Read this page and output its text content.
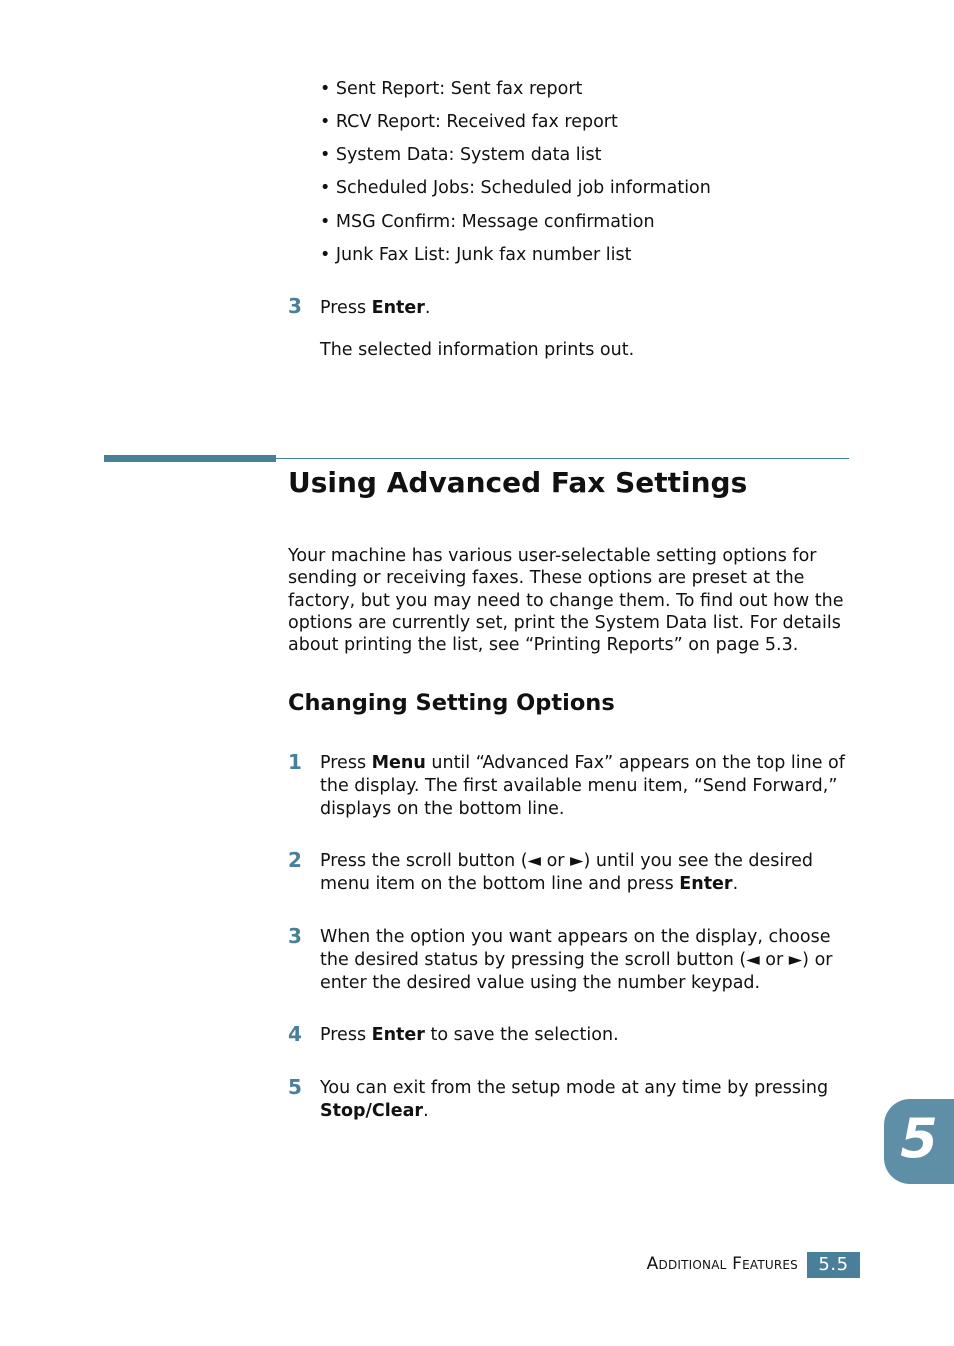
• Sent Report: Sent fax report
• RCV Report: Received fax report
• System Data: System data list
• Scheduled Jobs: Scheduled job information
• MSG Confirm: Message confirmation
• Junk Fax List: Junk fax number list
3 Press Enter.
The selected information prints out.
Using Advanced Fax Settings
Your machine has various user-selectable setting options for sending or receiving faxes. These options are preset at the factory, but you may need to change them. To find out how the options are currently set, print the System Data list. For details about printing the list, see “Printing Reports” on page 5.3.
Changing Setting Options
1 Press Menu until “Advanced Fax” appears on the top line of the display. The first available menu item, “Send Forward,” displays on the bottom line.
2 Press the scroll button (◄ or ►) until you see the desired menu item on the bottom line and press Enter.
3 When the option you want appears on the display, choose the desired status by pressing the scroll button (◄ or ►) or enter the desired value using the number keypad.
4 Press Enter to save the selection.
5 You can exit from the setup mode at any time by pressing Stop/Clear.	5
Additional Features	5.5
